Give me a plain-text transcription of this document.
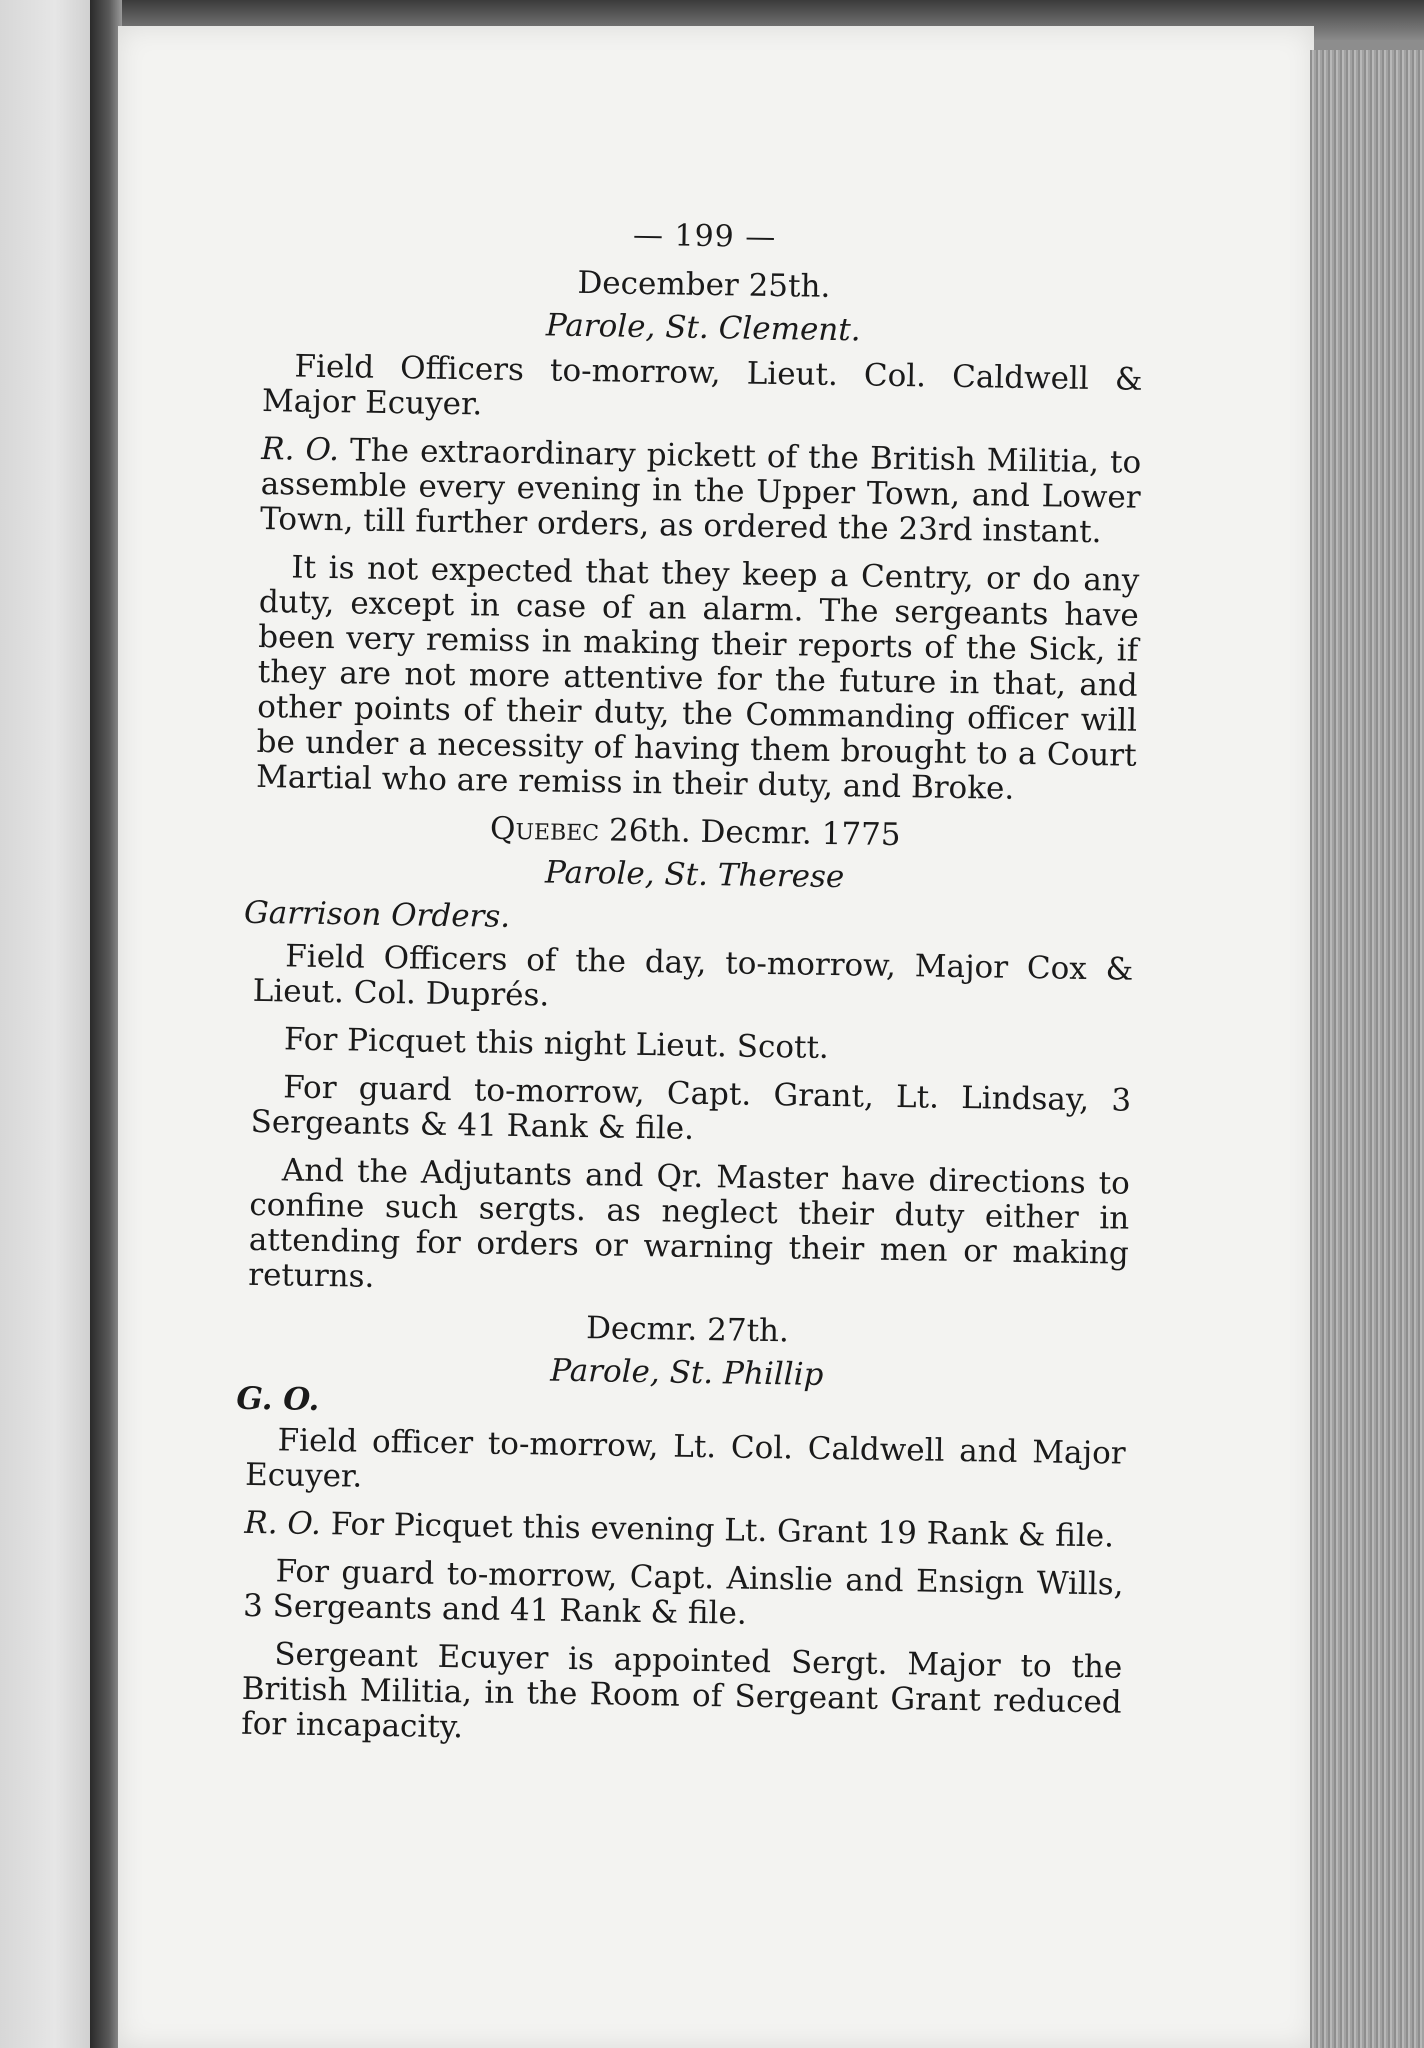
— 199 —
December 25th.
Parole, St. Clement.

Field Officers to-morrow, Lieut. Col. Caldwell & Major Ecuyer.

R. O. The extraordinary pickett of the British Militia, to assemble every evening in the Upper Town, and Lower Town, till further orders, as ordered the 23rd instant.

It is not expected that they keep a Centry, or do any duty, except in case of an alarm. The sergeants have been very remiss in making their reports of the Sick, if they are not more attentive for the future in that, and other points of their duty, the Commanding officer will be under a necessity of having them brought to a Court Martial who are remiss in their duty, and Broke.

Quebec 26th. Decmr. 1775
Parole, St. Therese
Garrison Orders.

Field Officers of the day, to-morrow, Major Cox & Lieut. Col. Duprés.

For Picquet this night Lieut. Scott.

For guard to-morrow, Capt. Grant, Lt. Lindsay, 3 Sergeants & 41 Rank & file.

And the Adjutants and Qr. Master have directions to confine such sergts. as neglect their duty either in attending for orders or warning their men or making returns.

Decmr. 27th.
Parole, St. Phillip
G. O.

Field officer to-morrow, Lt. Col. Caldwell and Major Ecuyer.

R. O. For Picquet this evening Lt. Grant 19 Rank & file.

For guard to-morrow, Capt. Ainslie and Ensign Wills, 3 Sergeants and 41 Rank & file.

Sergeant Ecuyer is appointed Sergt. Major to the British Militia, in the Room of Sergeant Grant reduced for incapacity.
